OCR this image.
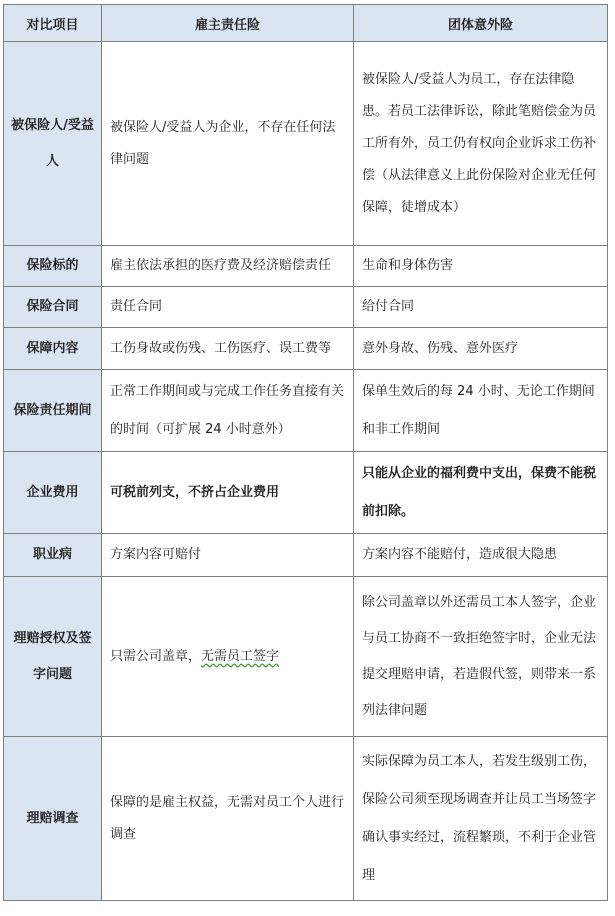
对比项目	雇主责任险	团体意外险
被保险人/受益人	被保险人/受益人为企业，不存在任何法律问题	被保险人/受益人为员工，存在法律隐患。若员工法律诉讼，除此笔赔偿金为员工所有外，员工仍有权向企业诉求工伤补偿（从法律意义上此份保险对企业无任何保障，徒增成本）
保险标的	雇主依法承担的医疗费及经济赔偿责任	生命和身体伤害
保险合同	责任合同	给付合同
保障内容	工伤身故或伤残、工伤医疗、误工费等	意外身故、伤残、意外医疗
保险责任期间	正常工作期间或与完成工作任务直接有关的时间（可扩展 24 小时意外）	保单生效后的每 24 小时、无论工作期间和非工作期间
企业费用	可税前列支，不挤占企业费用	只能从企业的福利费中支出，保费不能税前扣除。
职业病	方案内容可赔付	方案内容不能赔付，造成很大隐患
理赔授权及签字问题	只需公司盖章，无需员工签字	除公司盖章以外还需员工本人签字，企业与员工协商不一致拒绝签字时，企业无法提交理赔申请，若造假代签，则带来一系列法律问题
理赔调查	保障的是雇主权益，无需对员工个人进行调查	实际保障为员工本人，若发生级别工伤，保险公司须至现场调查并让员工当场签字确认事实经过，流程繁琐，不利于企业管理
